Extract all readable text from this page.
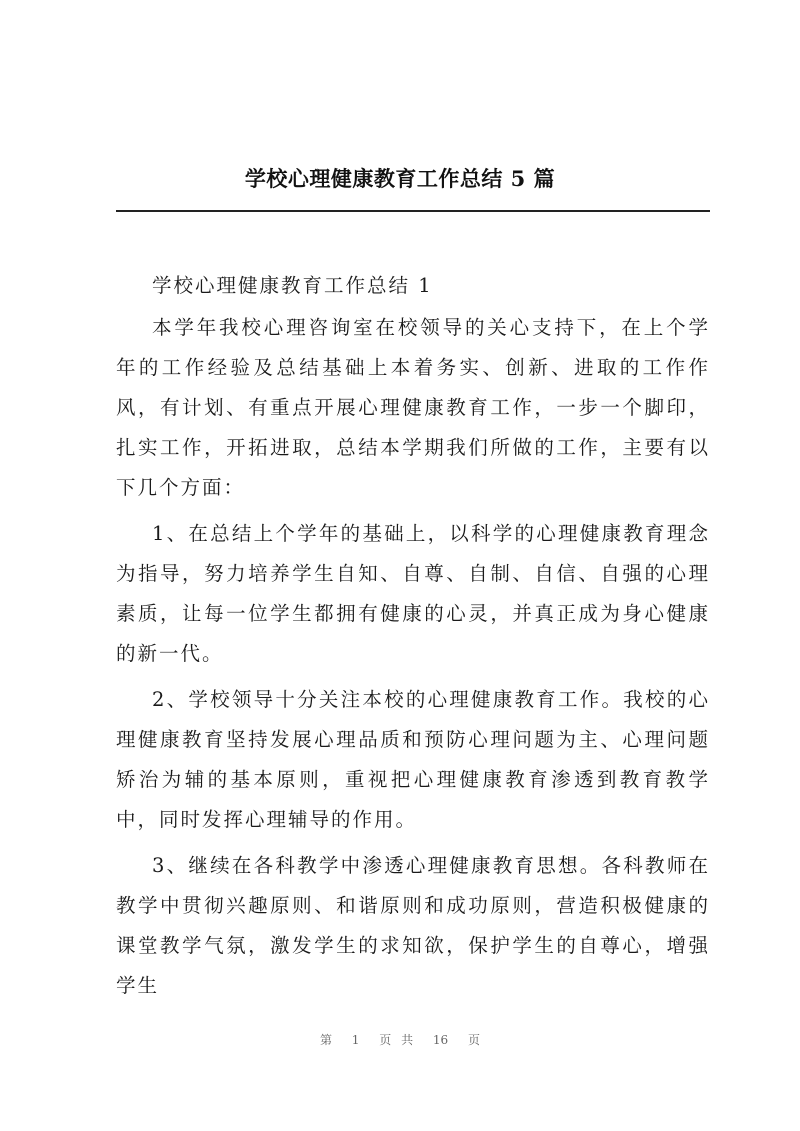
学校心理健康教育工作总结 5 篇

学校心理健康教育工作总结 1

本学年我校心理咨询室在校领导的关心支持下，在上个学年的工作经验及总结基础上本着务实、创新、进取的工作作风，有计划、有重点开展心理健康教育工作，一步一个脚印，扎实工作，开拓进取，总结本学期我们所做的工作，主要有以下几个方面：

1、在总结上个学年的基础上，以科学的心理健康教育理念为指导，努力培养学生自知、自尊、自制、自信、自强的心理素质，让每一位学生都拥有健康的心灵，并真正成为身心健康的新一代。

2、学校领导十分关注本校的心理健康教育工作。我校的心理健康教育坚持发展心理品质和预防心理问题为主、心理问题矫治为辅的基本原则，重视把心理健康教育渗透到教育教学中，同时发挥心理辅导的作用。

3、继续在各科教学中渗透心理健康教育思想。各科教师在教学中贯彻兴趣原则、和谐原则和成功原则，营造积极健康的课堂教学气氛，激发学生的求知欲，保护学生的自尊心，增强学生

第 1 页 共 16 页
